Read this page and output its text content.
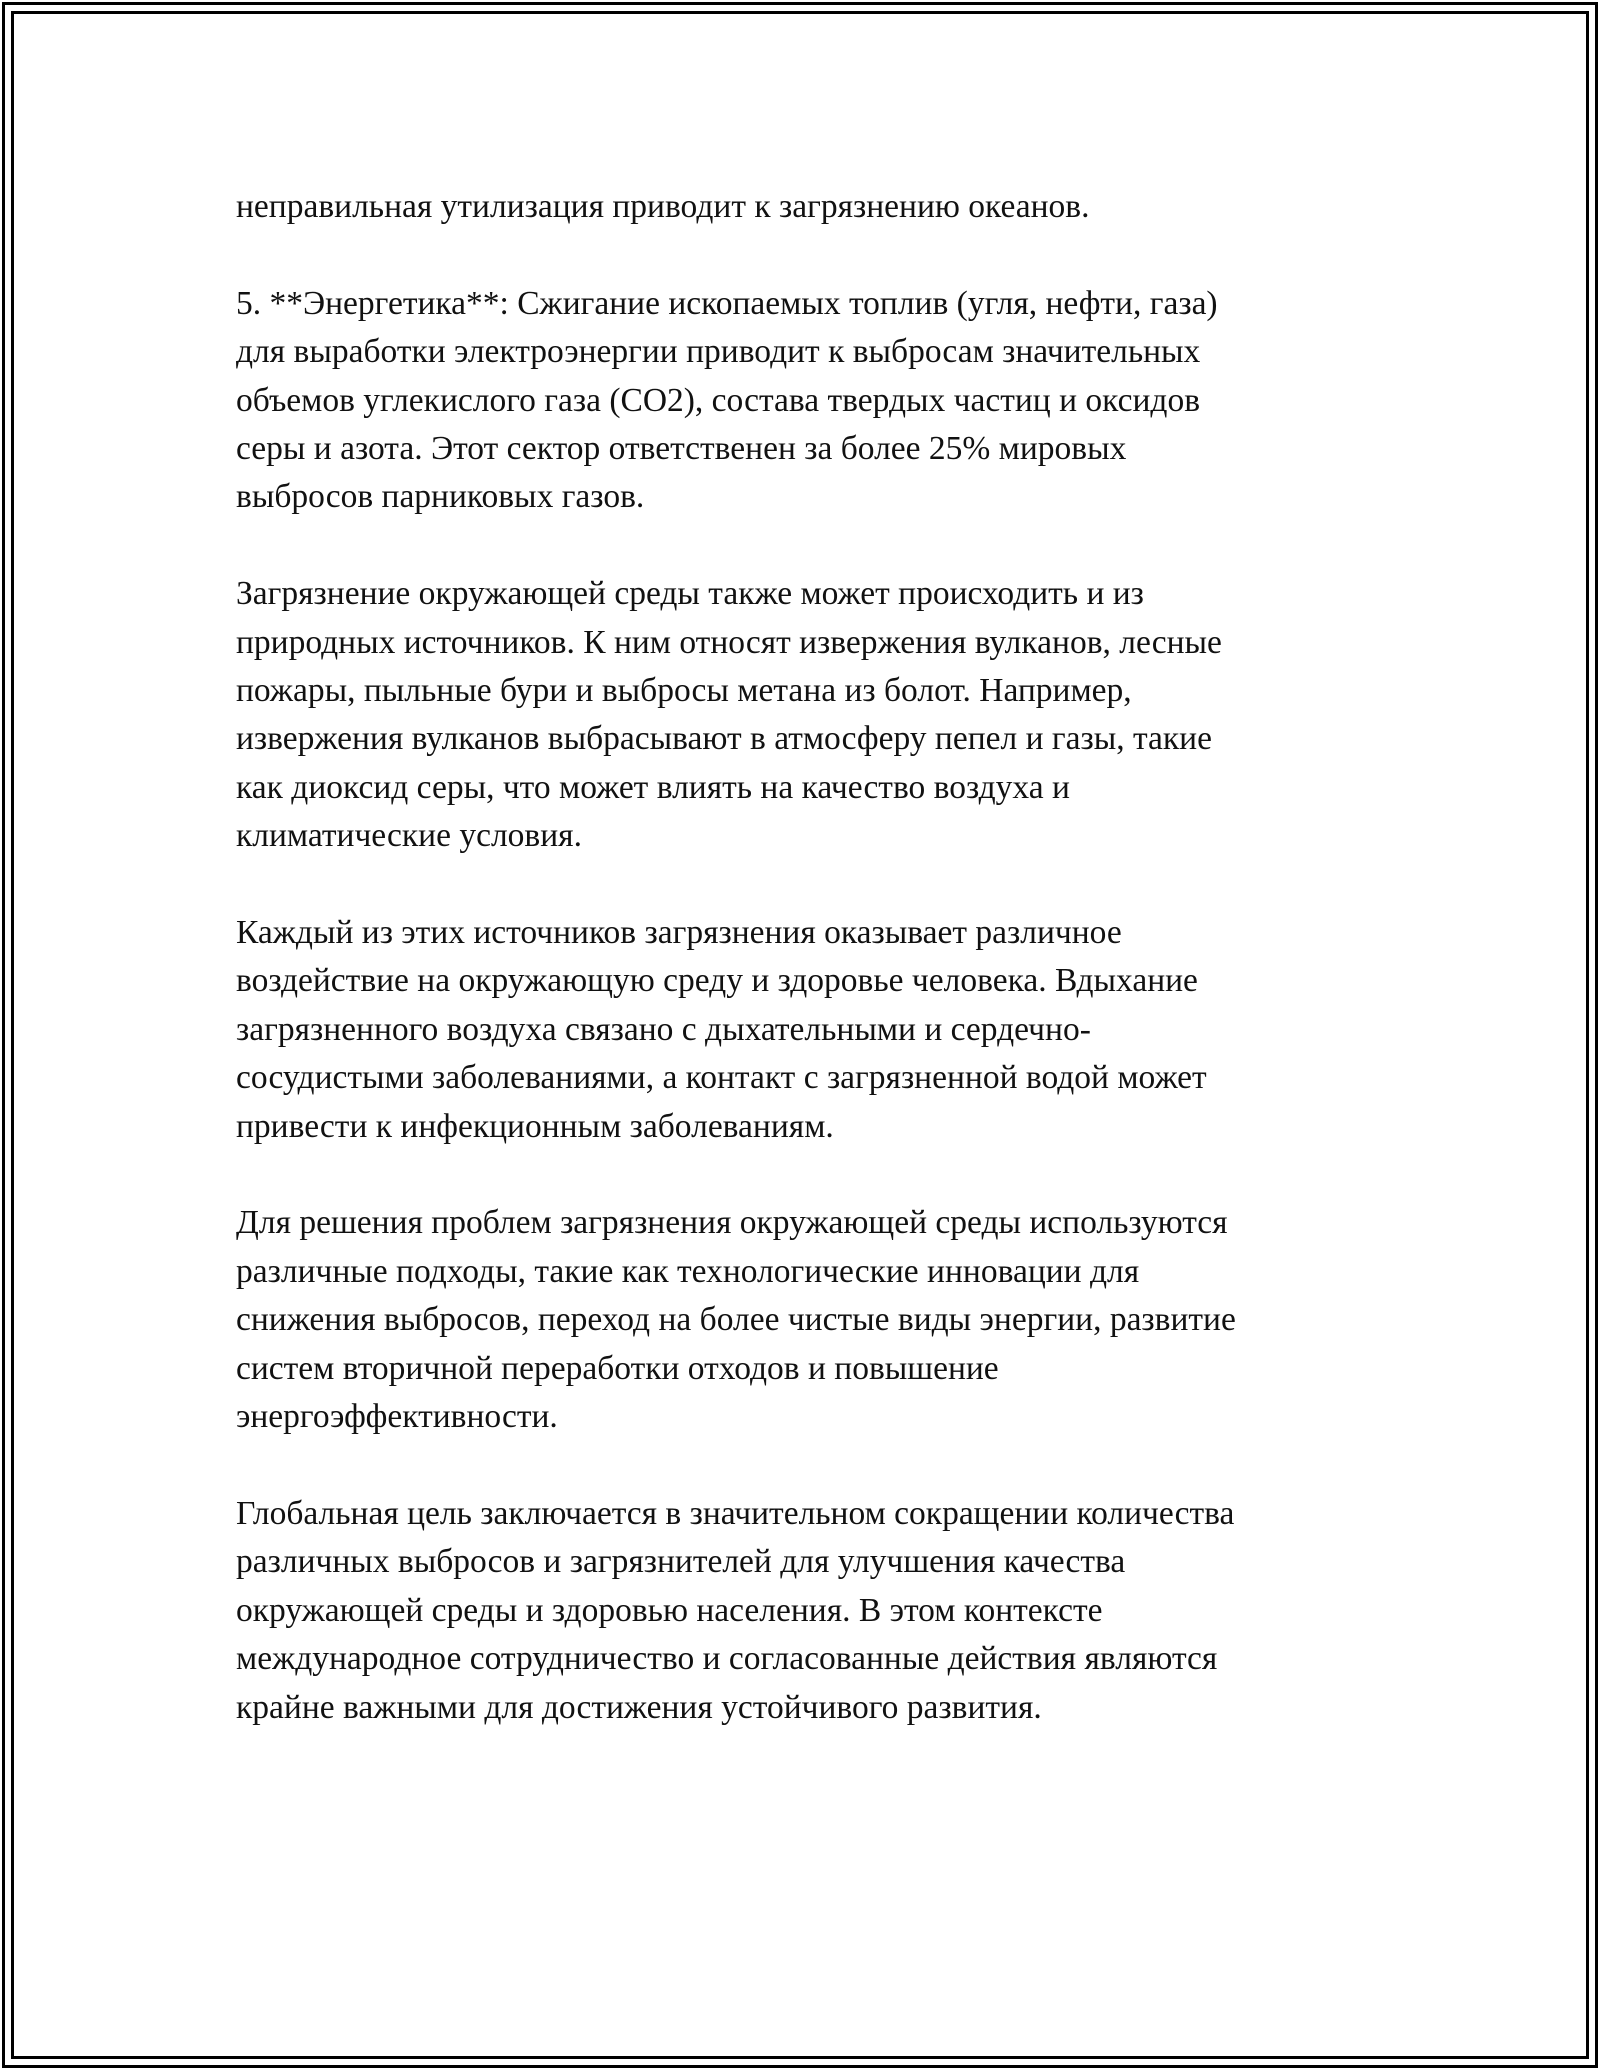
неправильная утилизация приводит к загрязнению океанов.

5. **Энергетика**: Сжигание ископаемых топлив (угля, нефти, газа)
для выработки электроэнергии приводит к выбросам значительных
объемов углекислого газа (CO2), состава твердых частиц и оксидов
серы и азота. Этот сектор ответственен за более 25% мировых
выбросов парниковых газов.

Загрязнение окружающей среды также может происходить и из
природных источников. К ним относят извержения вулканов, лесные
пожары, пыльные бури и выбросы метана из болот. Например,
извержения вулканов выбрасывают в атмосферу пепел и газы, такие
как диоксид серы, что может влиять на качество воздуха и
климатические условия.

Каждый из этих источников загрязнения оказывает различное
воздействие на окружающую среду и здоровье человека. Вдыхание
загрязненного воздуха связано с дыхательными и сердечно-
сосудистыми заболеваниями, а контакт с загрязненной водой может
привести к инфекционным заболеваниям.

Для решения проблем загрязнения окружающей среды используются
различные подходы, такие как технологические инновации для
снижения выбросов, переход на более чистые виды энергии, развитие
систем вторичной переработки отходов и повышение
энергоэффективности.

Глобальная цель заключается в значительном сокращении количества
различных выбросов и загрязнителей для улучшения качества
окружающей среды и здоровью населения. В этом контексте
международное сотрудничество и согласованные действия являются
крайне важными для достижения устойчивого развития.
